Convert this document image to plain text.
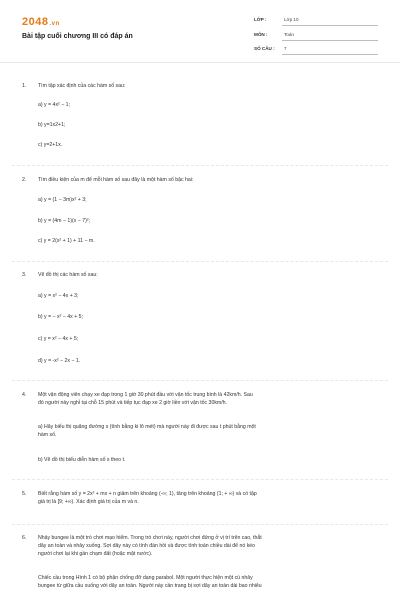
2048.vn
Bài tập cuối chương III có đáp án
LỚP :	Lớp 10
MÔN :	Toán
SỐ CÂU : 7
1.	Tìm tập xác định của các hàm số sau:
a) y = 4x² − 1;
b) y=1x2+1;
c) y=2+1x.
2.	Tìm điều kiện của m để mỗi hàm số sau đây là một hàm số bậc hai:
a) y = (1 − 3m)x² + 3;
b) y = (4m − 1)(x − 7)²;
c) y = 2(x² + 1) + 11 − m.
3.	Vẽ đồ thị các hàm số sau:
a) y = x² − 4x + 3;
b) y = − x² − 4x + 5;
c) y = x² − 4x + 5;
d) y = -x² − 2x − 1.
4.	Một vận động viên chạy xe đạp trong 1 giờ 30 phút đầu với vận tốc trung bình là 42km/h. Sau
đó người này nghỉ tại chỗ 15 phút và tiếp tục đạp xe 2 giờ liền với vận tốc 30km/h.
a) Hãy biểu thị quãng đường s (tính bằng ki lô mét) mà người này đi được sau t phút bằng một
hàm số.
b) Vẽ đồ thị biểu diễn hàm số s theo t.
5.	Biết rằng hàm số y = 2x² + mx + n giảm trên khoảng (-∞; 1), tăng trên khoảng (1; + ∞) và có tập
giá trị là [9; +∞). Xác định giá trị của m và n.
6.	Nhảy bungee là một trò chơi mạo hiểm. Trong trò chơi này, người chơi đứng ở vị trí trên cao, thắt
dây an toàn và nhảy xuống. Sợi dây này có tính đàn hồi và được tính toán chiều dài để nó kéo
người chơi lại khi gần chạm đất (hoặc mặt nước).
Chiếc cầu trong Hình 1 có bộ phận chống đỡ dạng parabol. Một người thực hiện một cú nhảy
bungee từ giữa cầu xuống với dây an toàn. Người này cần trang bị sợi dây an toàn dài bao nhiêu
